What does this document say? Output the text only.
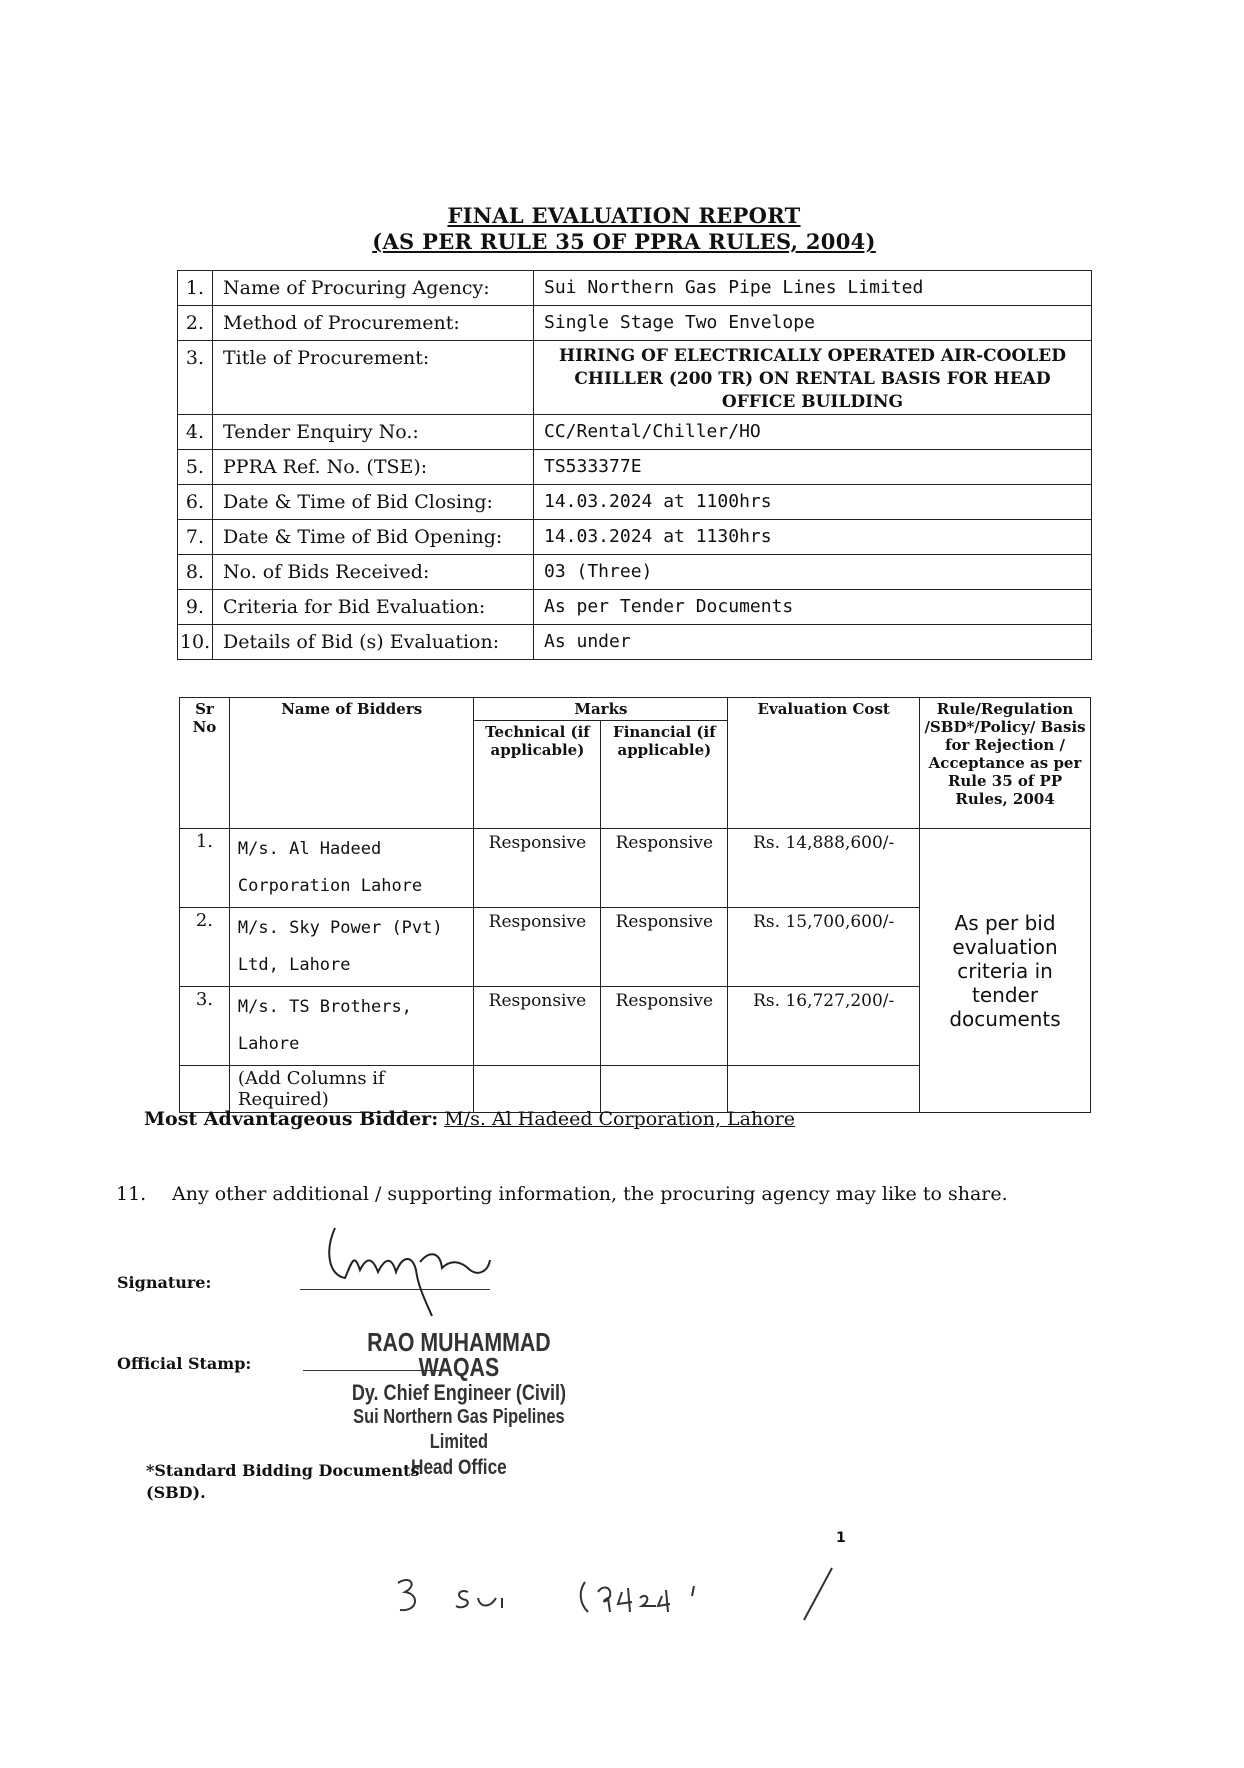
FINAL EVALUATION REPORT
(AS PER RULE 35 OF PPRA RULES, 2004)
1.	Name of Procuring Agency:	Sui Northern Gas Pipe Lines Limited
2.	Method of Procurement:	Single Stage Two Envelope
3.	Title of Procurement:	HIRING OF ELECTRICALLY OPERATED AIR-COOLED CHILLER (200 TR) ON RENTAL BASIS FOR HEAD OFFICE BUILDING
4.	Tender Enquiry No.:	CC/Rental/Chiller/HO
5.	PPRA Ref. No. (TSE):	TS533377E
6.	Date & Time of Bid Closing:	14.03.2024 at 1100hrs
7.	Date & Time of Bid Opening:	14.03.2024 at 1130hrs
8.	No. of Bids Received:	03 (Three)
9.	Criteria for Bid Evaluation:	As per Tender Documents
10.	Details of Bid (s) Evaluation:	As under
Sr No	Name of Bidders	Marks		Evaluation Cost	Rule/Regulation /SBD*/Policy/ Basis for Rejection / Acceptance as per Rule 35 of PP Rules, 2004
		Technical (if applicable)	Financial (if applicable)		
1.	M/s. Al Hadeed Corporation Lahore	Responsive	Responsive	Rs. 14,888,600/-	As per bid evaluation criteria in tender documents
2.	M/s. Sky Power (Pvt) Ltd, Lahore	Responsive	Responsive	Rs. 15,700,600/-	
3.	M/s. TS Brothers, Lahore	Responsive	Responsive	Rs. 16,727,200/-	
	(Add Columns if Required)				
Most Advantageous Bidder: M/s. Al Hadeed Corporation, Lahore
11. Any other additional / supporting information, the procuring agency may like to share.
Signature:
Official Stamp:
RAO MUHAMMAD WAQAS
Dy. Chief Engineer (Civil)
Sui Northern Gas Pipelines Limited
Head Office
*Standard Bidding Documents
(SBD).
1
